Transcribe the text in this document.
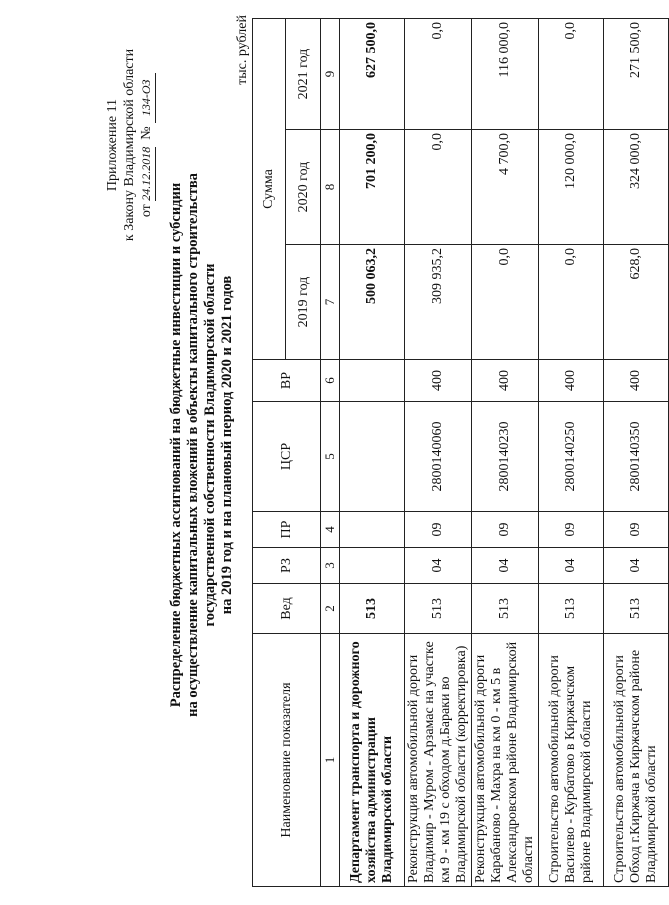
Приложение 11 к Закону Владимирской области от 24.12.2018  № 134-ОЗ
Распределение бюджетных ассигнований на бюджетные инвестиции и субсидии на осуществление капитальных вложений в объекты капитального строительства государственной собственности Владимирской области на 2019 год и на плановый период 2020 и 2021 годов
тыс. рублей
Наименование показателя	Вед	РЗ	ПР	ЦСР	ВР	Сумма		
						2019 год	2020 год	2021 год
1	2	3	4	5	6	7	8	9
Департамент транспорта и дорожного хозяйства администрации Владимирской области	513					500 063,2	701 200,0	627 500,0
Реконструкция автомобильной дороги Владимир - Муром - Арзамас на участке км 9 - км 19 с обходом д.Бараки во Владимирской области (корректировка)	513	04	09	2800140060	400	309 935,2	0,0	0,0
Реконструкция автомобильной дороги Карабаново - Махра на км 0 - км 5 в Александровском районе Владимирской области	513	04	09	2800140230	400	0,0	4 700,0	116 000,0
Строительство автомобильной дороги Василево - Курбатово в Киржачском районе Владимирской области	513	04	09	2800140250	400	0,0	120 000,0	0,0
Строительство автомобильной дороги Обход г.Киржача в Киржачском районе Владимирской области	513	04	09	2800140350	400	628,0	324 000,0	271 500,0
